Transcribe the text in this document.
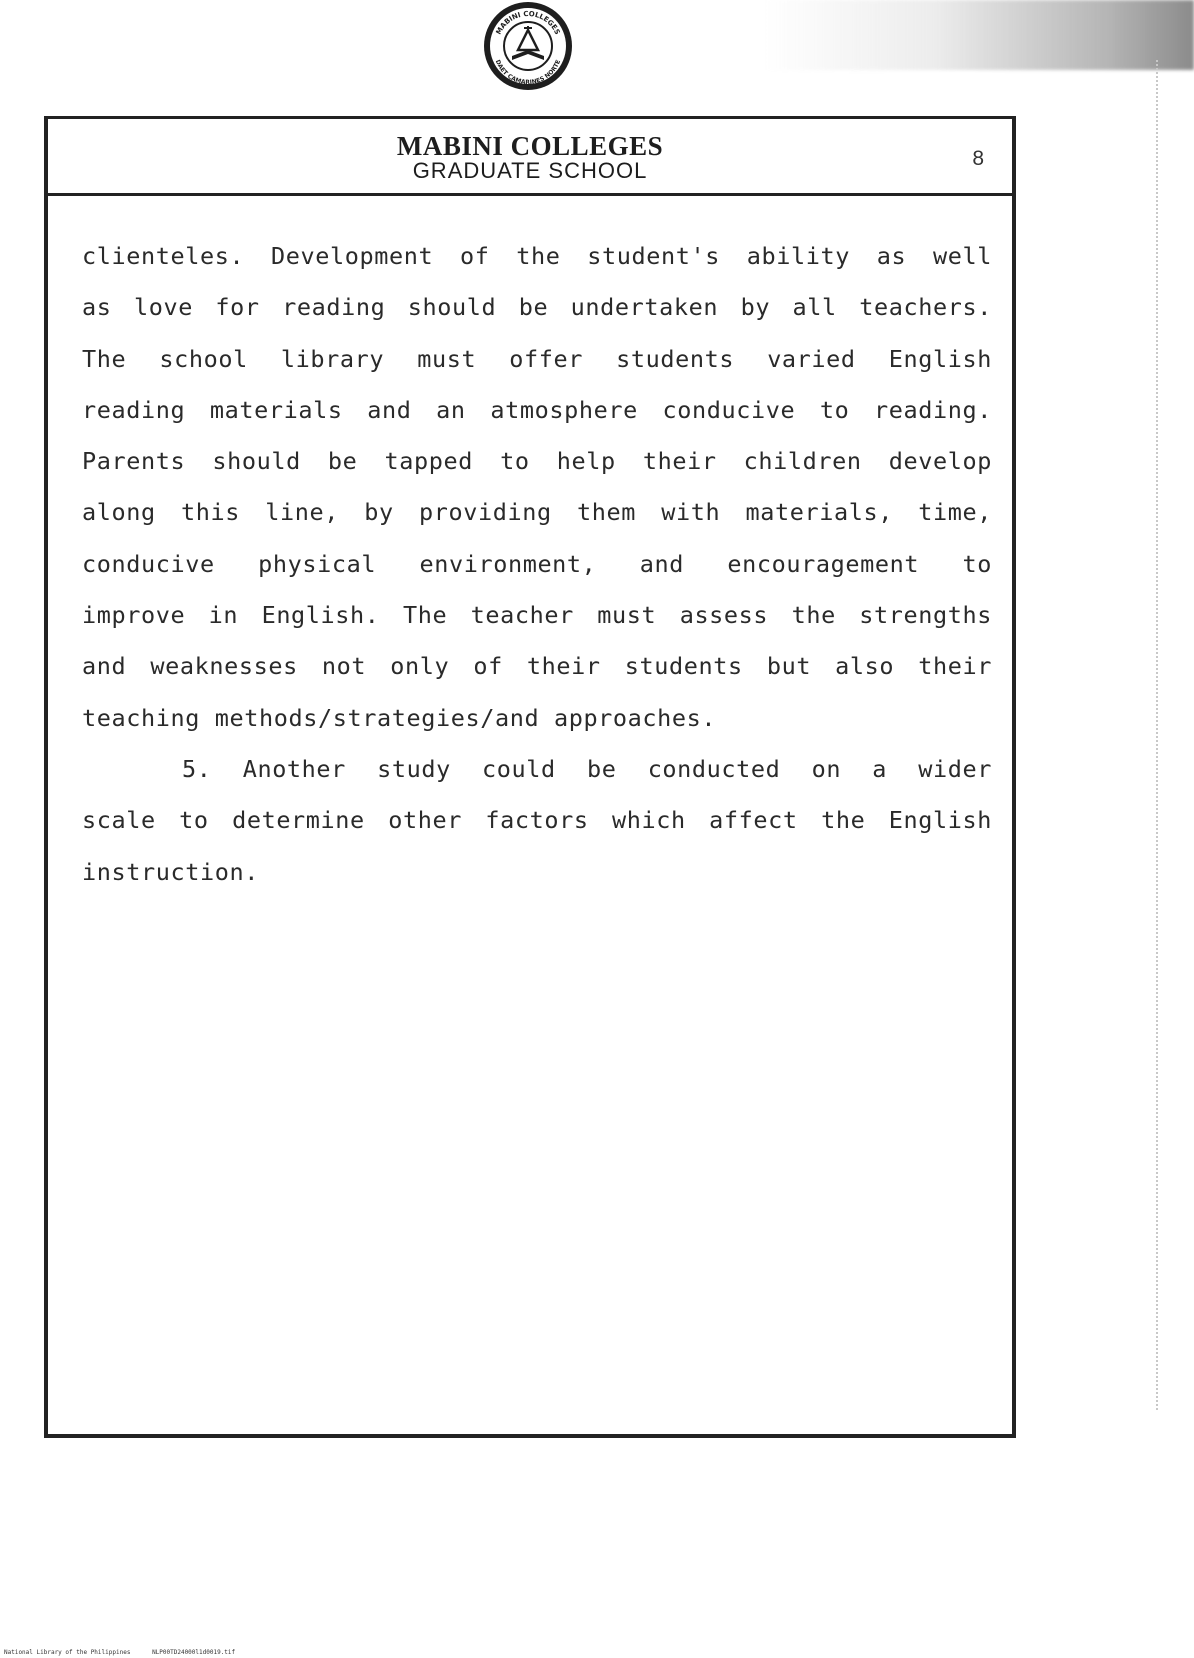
MABINI COLLEGES
DAET CAMARINES NORTE
MABINI COLLEGES
GRADUATE SCHOOL	8
clienteles. Development of the student's ability as well
as love for reading should be undertaken by all teachers.
The school library must offer students varied English
reading materials and an atmosphere conducive to reading.
Parents should be tapped to help their children develop
along this line, by providing them with materials, time,
conducive physical environment, and encouragement to
improve in English. The teacher must assess the strengths
and weaknesses not only of their students but also their
teaching methods/strategies/and approaches.
5. Another study could be conducted on a wider
scale to determine other factors which affect the English
instruction.
National Library of the Philippines	NLP00TD24000l1d0019.tif
